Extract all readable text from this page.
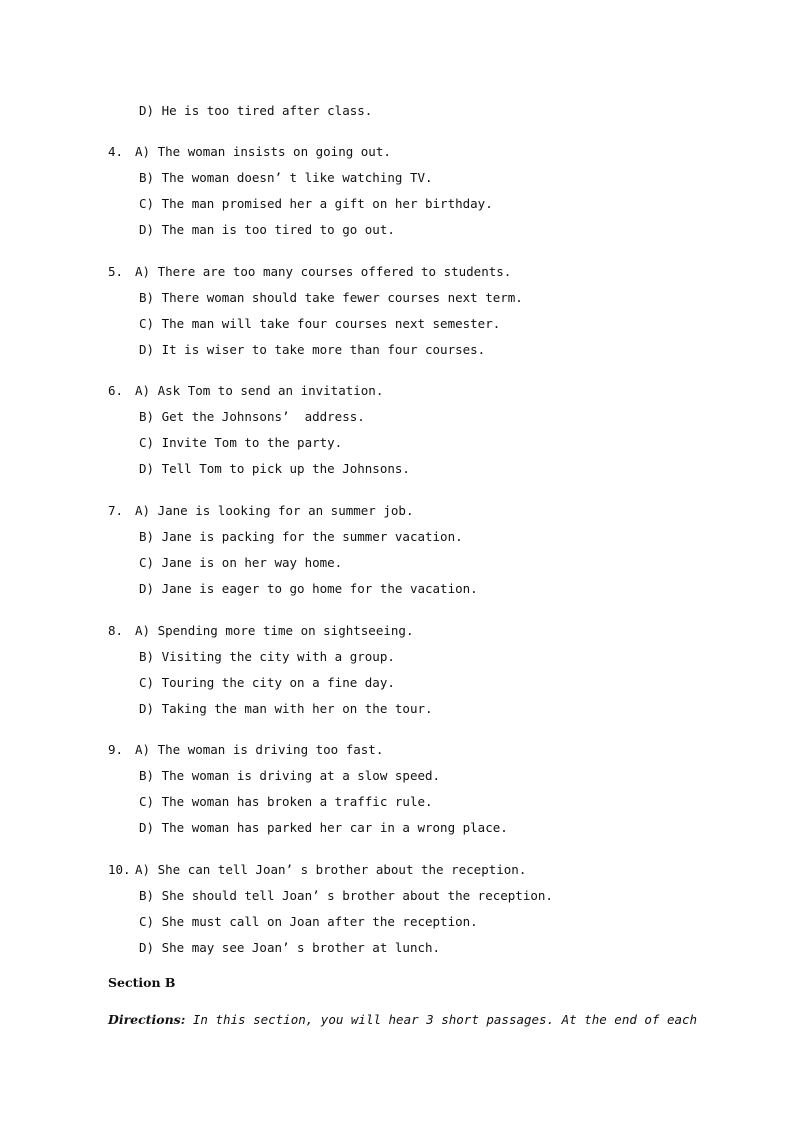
D) He is too tired after class.
4. A) The woman insists on going out.
B) The woman doesn’ t like watching TV.
C) The man promised her a gift on her birthday.
D) The man is too tired to go out.
5. A) There are too many courses offered to students.
B) There woman should take fewer courses next term.
C) The man will take four courses next semester.
D) It is wiser to take more than four courses.
6. A) Ask Tom to send an invitation.
B) Get the Johnsons’  address.
C) Invite Tom to the party.
D) Tell Tom to pick up the Johnsons.
7. A) Jane is looking for an summer job.
B) Jane is packing for the summer vacation.
C) Jane is on her way home.
D) Jane is eager to go home for the vacation.
8. A) Spending more time on sightseeing.
B) Visiting the city with a group.
C) Touring the city on a fine day.
D) Taking the man with her on the tour.
9. A) The woman is driving too fast.
B) The woman is driving at a slow speed.
C) The woman has broken a traffic rule.
D) The woman has parked her car in a wrong place.
10. A) She can tell Joan’ s brother about the reception.
B) She should tell Joan’ s brother about the reception.
C) She must call on Joan after the reception.
D) She may see Joan’ s brother at lunch.
Section B
Directions: In this section, you will hear 3 short passages. At the end of each
